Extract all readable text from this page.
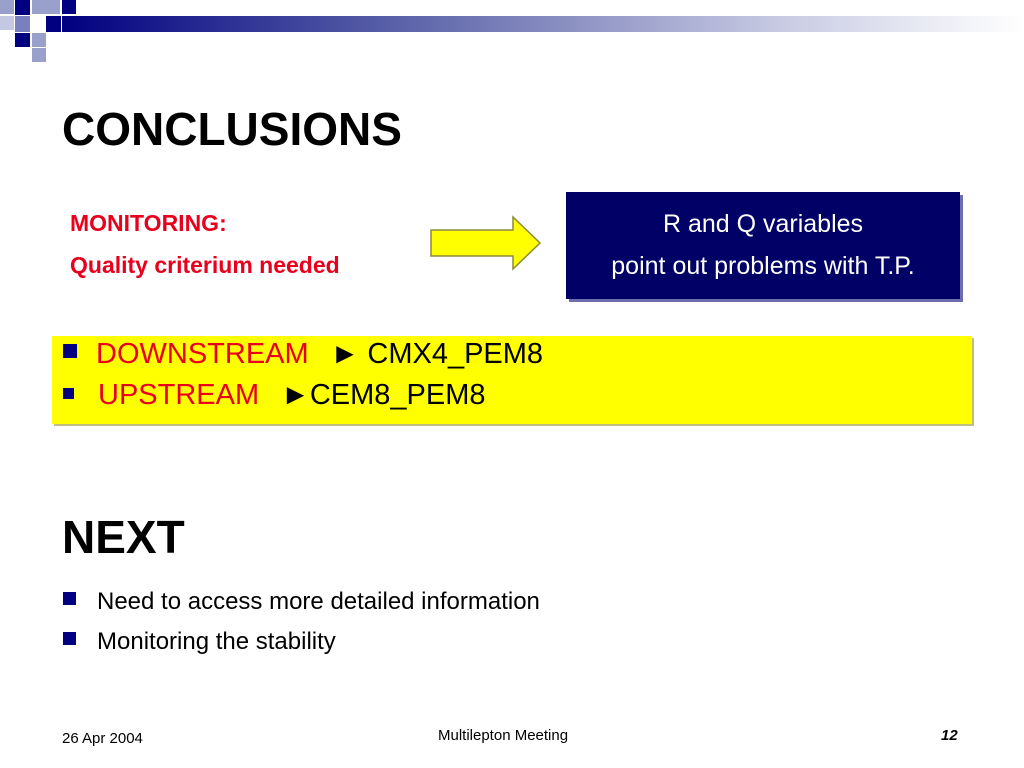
CONCLUSIONS
MONITORING:
Quality criterium needed
R and Q variables
point out problems with T.P.
DOWNSTREAM ► CMX4_PEM8
UPSTREAM ►CEM8_PEM8
NEXT
Need to access more detailed information
Monitoring the stability
26 Apr 2004	Multilepton Meeting	12
